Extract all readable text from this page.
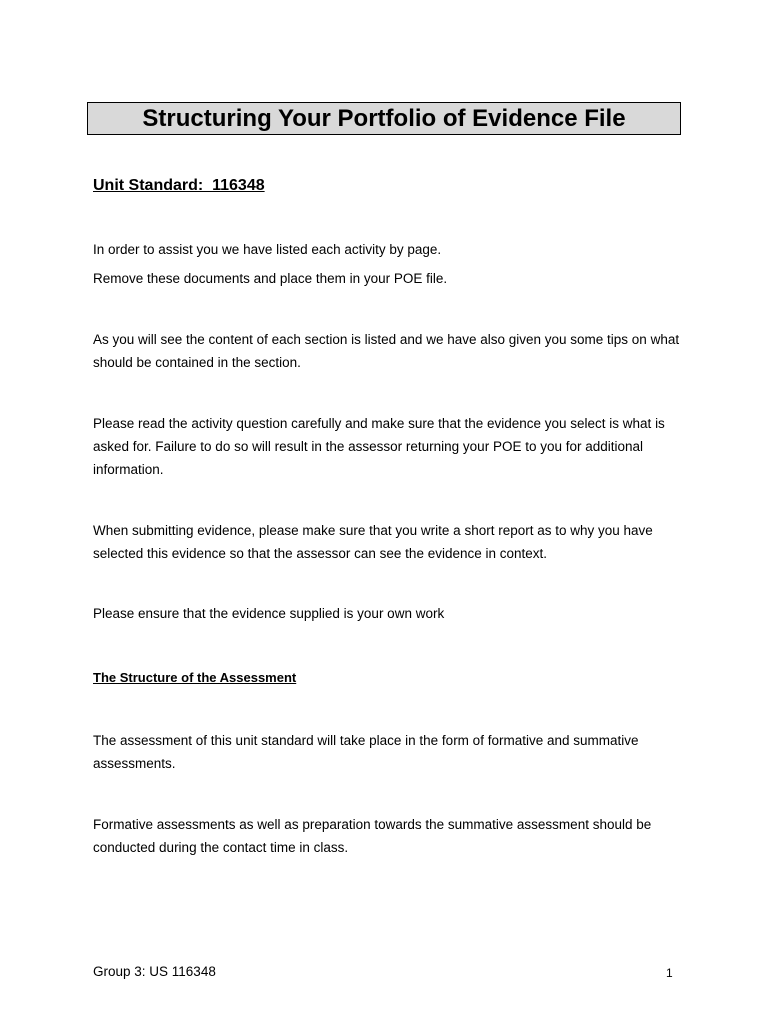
Structuring Your Portfolio of Evidence File
Unit Standard:  116348

In order to assist you we have listed each activity by page.

Remove these documents and place them in your POE file.

As you will see the content of each section is listed and we have also given you some tips on what should be contained in the section.

Please read the activity question carefully and make sure that the evidence you select is what is asked for. Failure to do so will result in the assessor returning your POE to you for additional information.

When submitting evidence, please make sure that you write a short report as to why you have selected this evidence so that the assessor can see the evidence in context.

Please ensure that the evidence supplied is your own work

The Structure of the Assessment

The assessment of this unit standard will take place in the form of formative and summative assessments.

Formative assessments as well as preparation towards the summative assessment should be conducted during the contact time in class.

Group 3: US 116348	1
